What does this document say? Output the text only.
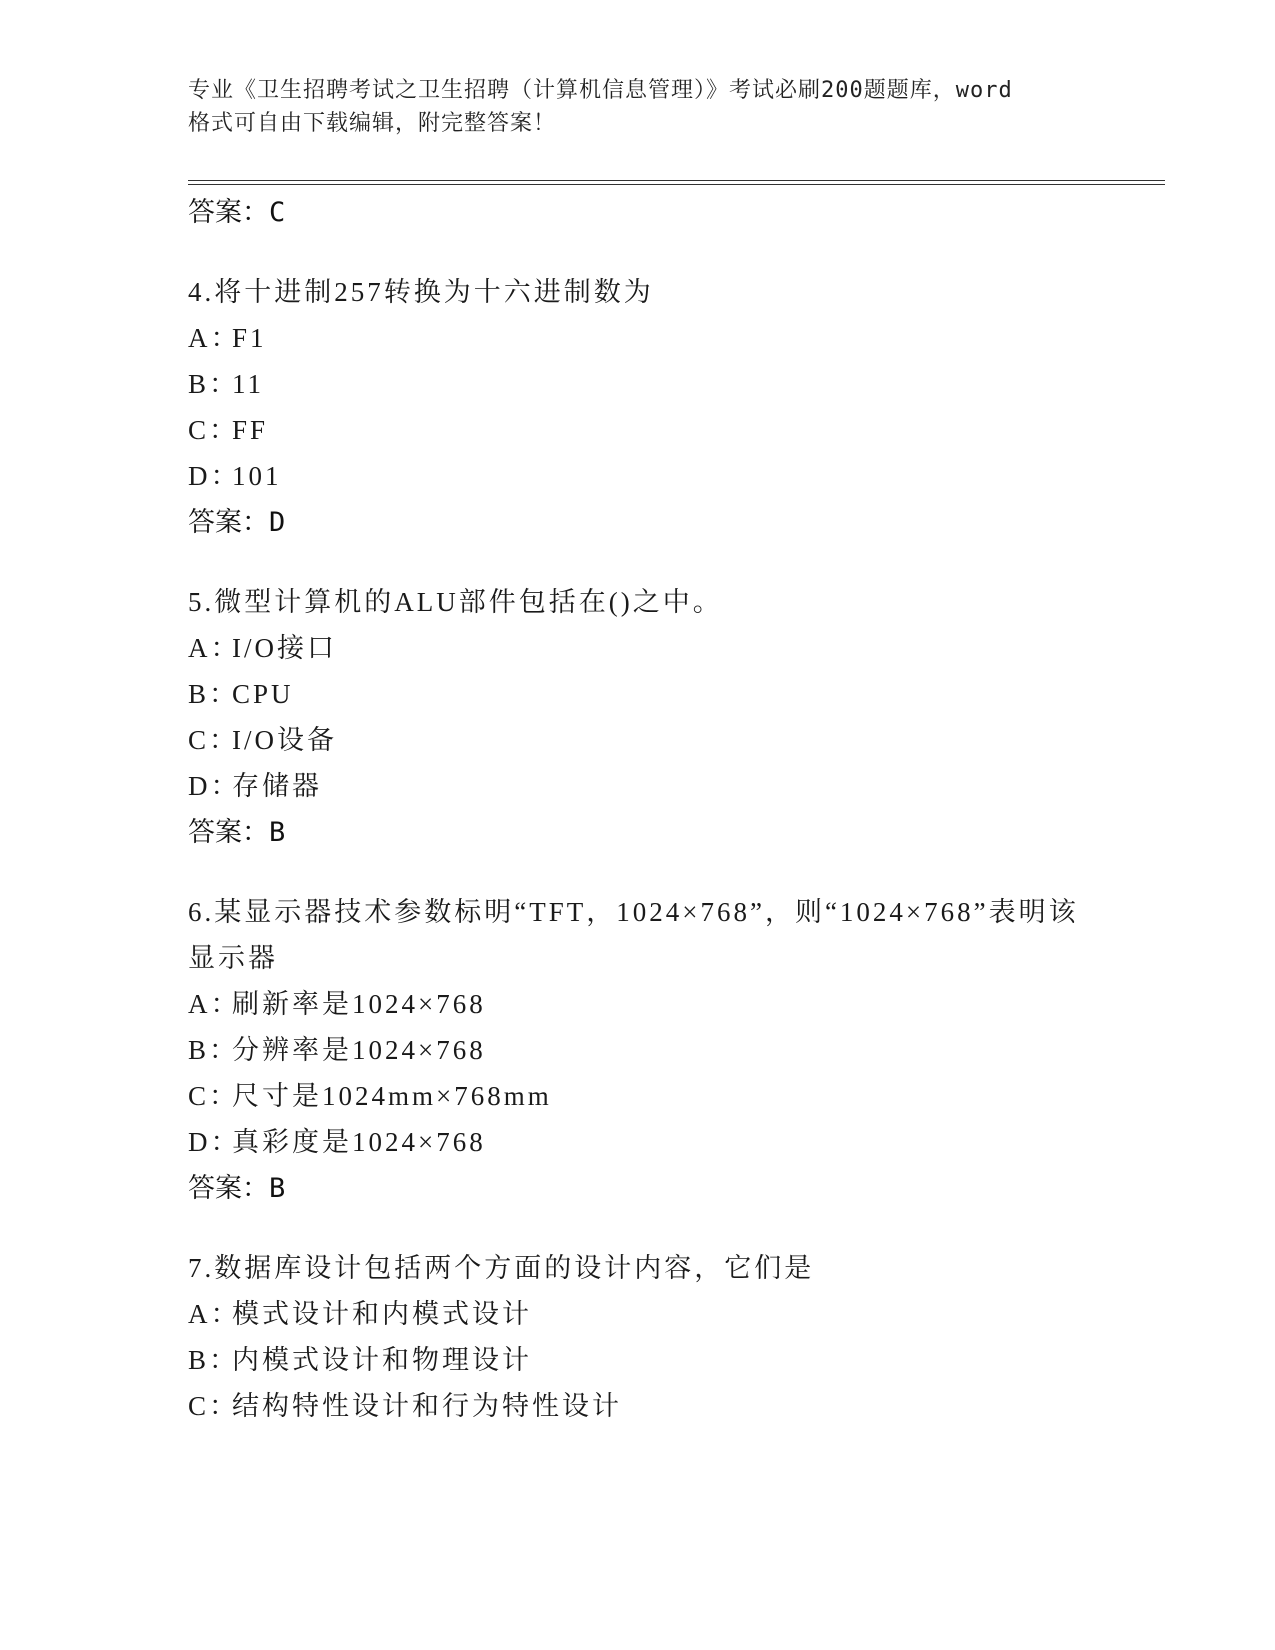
专业《卫生招聘考试之卫生招聘（计算机信息管理）》考试必刷200题题库，word
格式可自由下载编辑，附完整答案！
答案：C
4.将十进制257转换为十六进制数为
A：F1
B：11
C：FF
D：101
答案：D
5.微型计算机的ALU部件包括在()之中。
A：I/O接口
B：CPU
C：I/O设备
D：存储器
答案：B
6.某显示器技术参数标明“TFT，1024×768”，则“1024×768”表明该显示器
A：刷新率是1024×768
B：分辨率是1024×768
C：尺寸是1024mm×768mm
D：真彩度是1024×768
答案：B
7.数据库设计包括两个方面的设计内容，它们是
A：模式设计和内模式设计
B：内模式设计和物理设计
C：结构特性设计和行为特性设计
